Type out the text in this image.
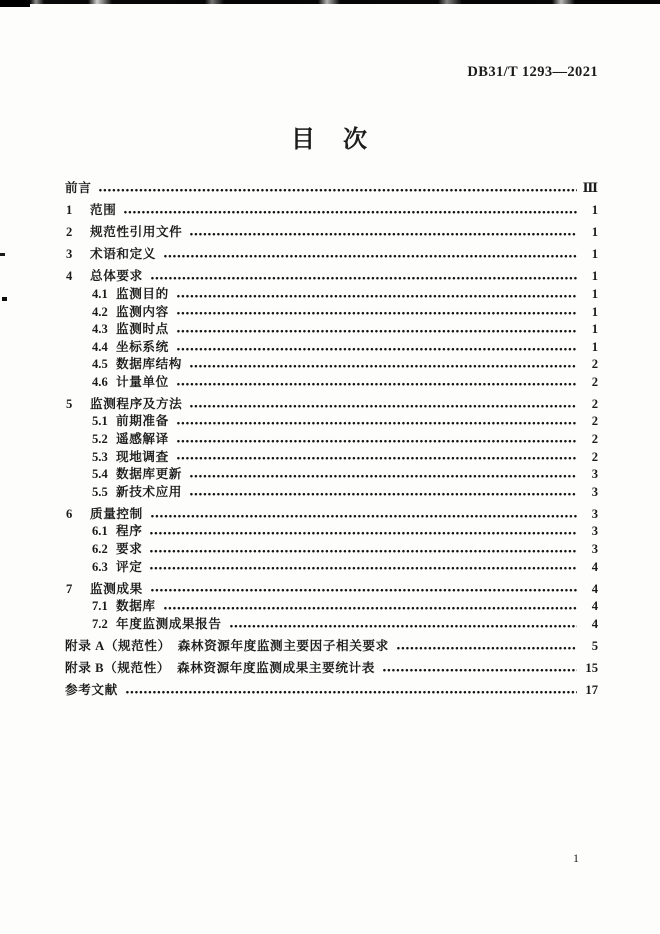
DB31/T 1293—2021
目　次
前言	Ⅲ
1	范围	1
2	规范性引用文件	1
3	术语和定义	1
4	总体要求	1
4.1 监测目的	1
4.2 监测内容	1
4.3 监测时点	1
4.4 坐标系统	1
4.5 数据库结构	2
4.6 计量单位	2
5	监测程序及方法	2
5.1 前期准备	2
5.2 遥感解译	2
5.3 现地调查	2
5.4 数据库更新	3
5.5 新技术应用	3
6	质量控制	3
6.1 程序	3
6.2 要求	3
6.3 评定	4
7	监测成果	4
7.1 数据库	4
7.2 年度监测成果报告	4
附录 A（规范性）　森林资源年度监测主要因子相关要求	5
附录 B（规范性）　森林资源年度监测成果主要统计表	15
参考文献	17
1
